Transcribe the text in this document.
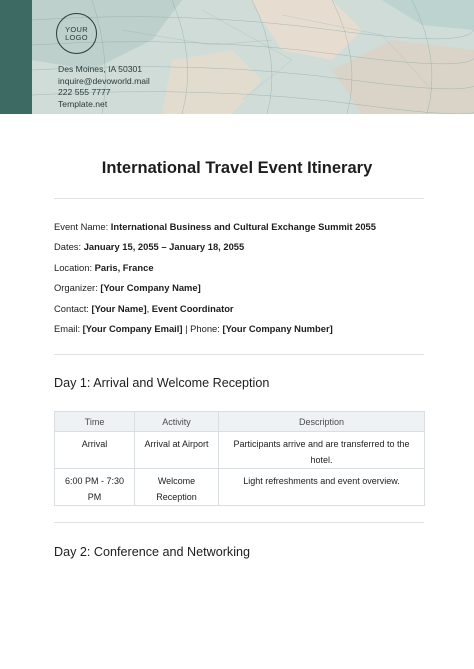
YOUR
LOGO
Des Moines, IA 50301
inquire@devoworld.mail
222 555 7777
Template.net
International Travel Event Itinerary
Event Name: International Business and Cultural Exchange Summit 2055
Dates: January 15, 2055 – January 18, 2055
Location: Paris, France
Organizer: [Your Company Name]
Contact: [Your Name], Event Coordinator
Email: [Your Company Email] | Phone: [Your Company Number]
Day 1: Arrival and Welcome Reception
Time	Activity	Description
Arrival	Arrival at Airport	Participants arrive and are transferred to the hotel.
6:00 PM - 7:30 PM	Welcome Reception	Light refreshments and event overview.
Day 2: Conference and Networking
